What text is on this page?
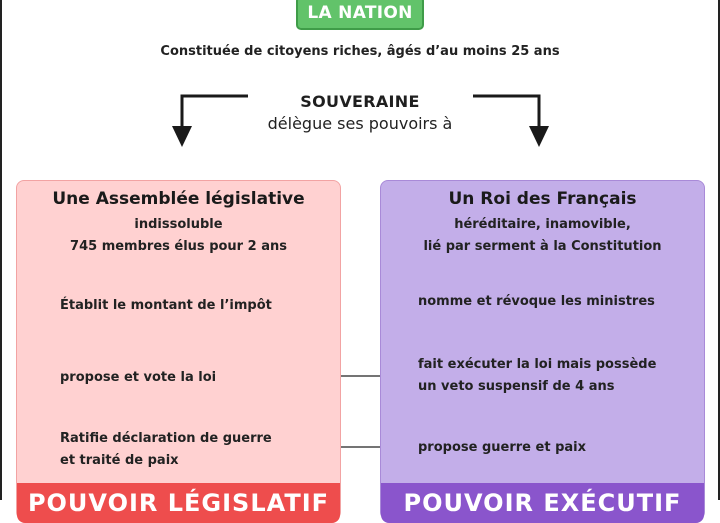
LA NATION
Constituée de citoyens riches, âgés d’au moins 25 ans
SOUVERAINE
délègue ses pouvoirs à
Une Assemblée législative
indissoluble
745 membres élus pour 2 ans
Établit le montant de l’impôt
propose et vote la loi
Ratifie déclaration de guerre
et traité de paix
POUVOIR LÉGISLATIF
Un Roi des Français
héréditaire, inamovible,
lié par serment à la Constitution
nomme et révoque les ministres
fait exécuter la loi mais possède
un veto suspensif de 4 ans
propose guerre et paix
POUVOIR EXÉCUTIF
